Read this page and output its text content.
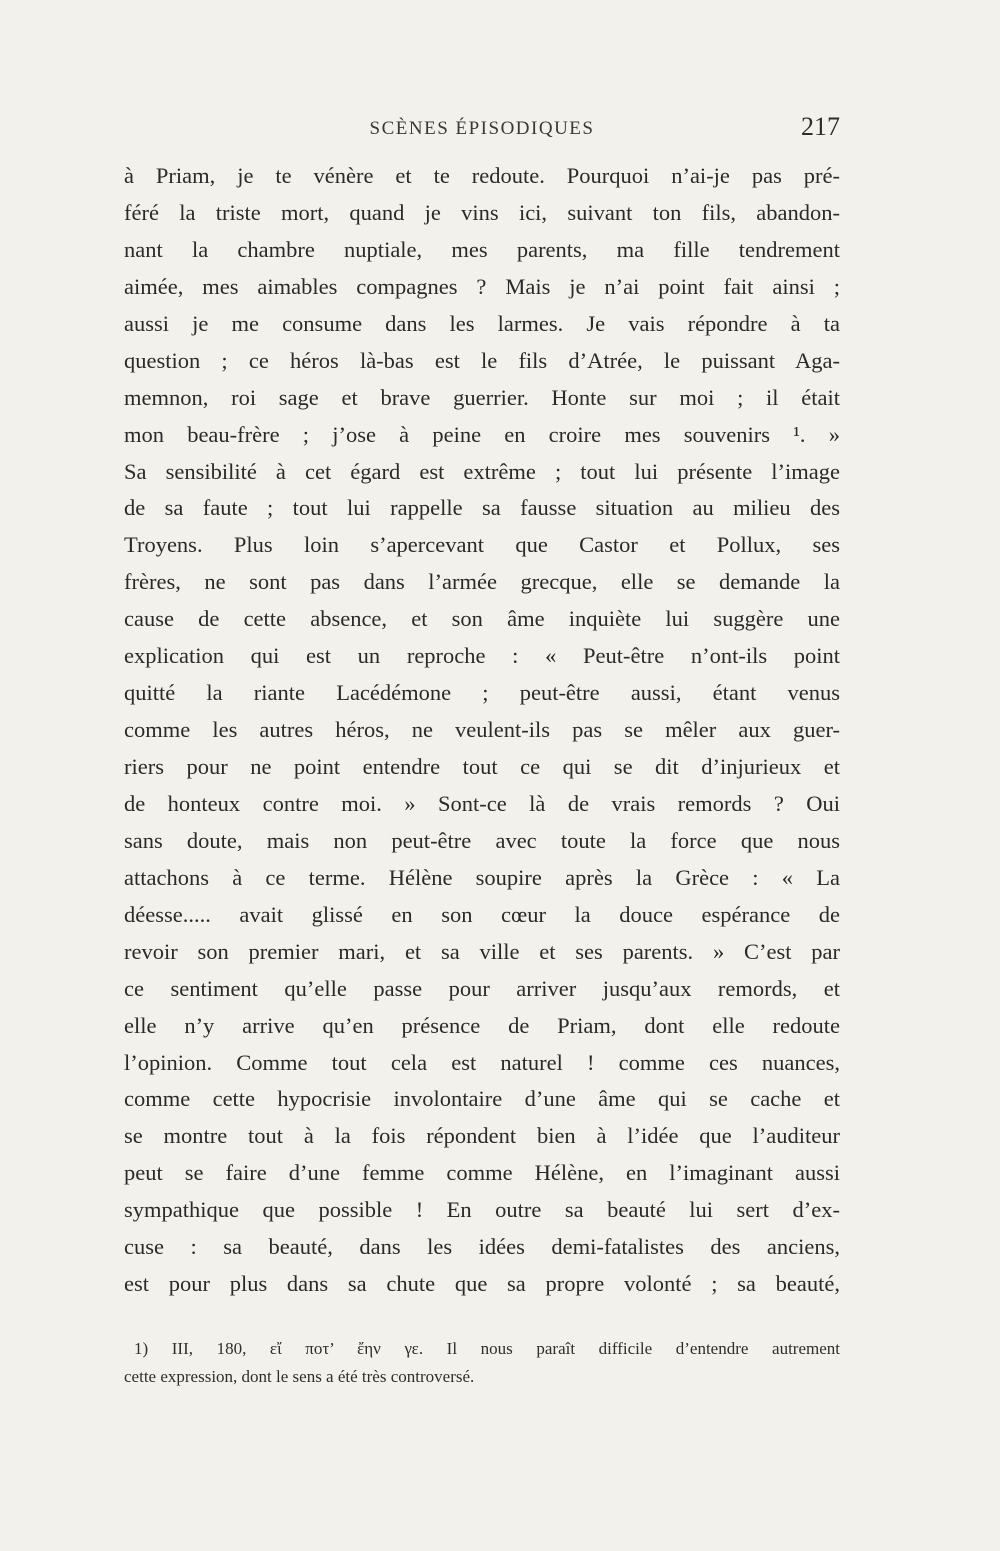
SCÈNES ÉPISODIQUES	217
à Priam, je te vénère et te redoute. Pourquoi n’ai-je pas pré-
féré la triste mort, quand je vins ici, suivant ton fils, abandon-
nant la chambre nuptiale, mes parents, ma fille tendrement
aimée, mes aimables compagnes ? Mais je n’ai point fait ainsi ;
aussi je me consume dans les larmes. Je vais répondre à ta
question ; ce héros là-bas est le fils d’Atrée, le puissant Aga-
memnon, roi sage et brave guerrier. Honte sur moi ; il était
mon beau-frère ; j’ose à peine en croire mes souvenirs ¹. »
Sa sensibilité à cet égard est extrême ; tout lui présente l’image
de sa faute ; tout lui rappelle sa fausse situation au milieu des
Troyens. Plus loin s’apercevant que Castor et Pollux, ses
frères, ne sont pas dans l’armée grecque, elle se demande la
cause de cette absence, et son âme inquiète lui suggère une
explication qui est un reproche : « Peut-être n’ont-ils point
quitté la riante Lacédémone ; peut-être aussi, étant venus
comme les autres héros, ne veulent-ils pas se mêler aux guer-
riers pour ne point entendre tout ce qui se dit d’injurieux et
de honteux contre moi. » Sont-ce là de vrais remords ? Oui
sans doute, mais non peut-être avec toute la force que nous
attachons à ce terme. Hélène soupire après la Grèce : « La
déesse..... avait glissé en son cœur la douce espérance de
revoir son premier mari, et sa ville et ses parents. » C’est par
ce sentiment qu’elle passe pour arriver jusqu’aux remords, et
elle n’y arrive qu’en présence de Priam, dont elle redoute
l’opinion. Comme tout cela est naturel ! comme ces nuances,
comme cette hypocrisie involontaire d’une âme qui se cache et
se montre tout à la fois répondent bien à l’idée que l’auditeur
peut se faire d’une femme comme Hélène, en l’imaginant aussi
sympathique que possible ! En outre sa beauté lui sert d’ex-
cuse : sa beauté, dans les idées demi-fatalistes des anciens,
est pour plus dans sa chute que sa propre volonté ; sa beauté,
1) III, 180, εἴ ποτ’ ἔην γε. Il nous paraît difficile d’entendre autrement
cette expression, dont le sens a été très controversé.
